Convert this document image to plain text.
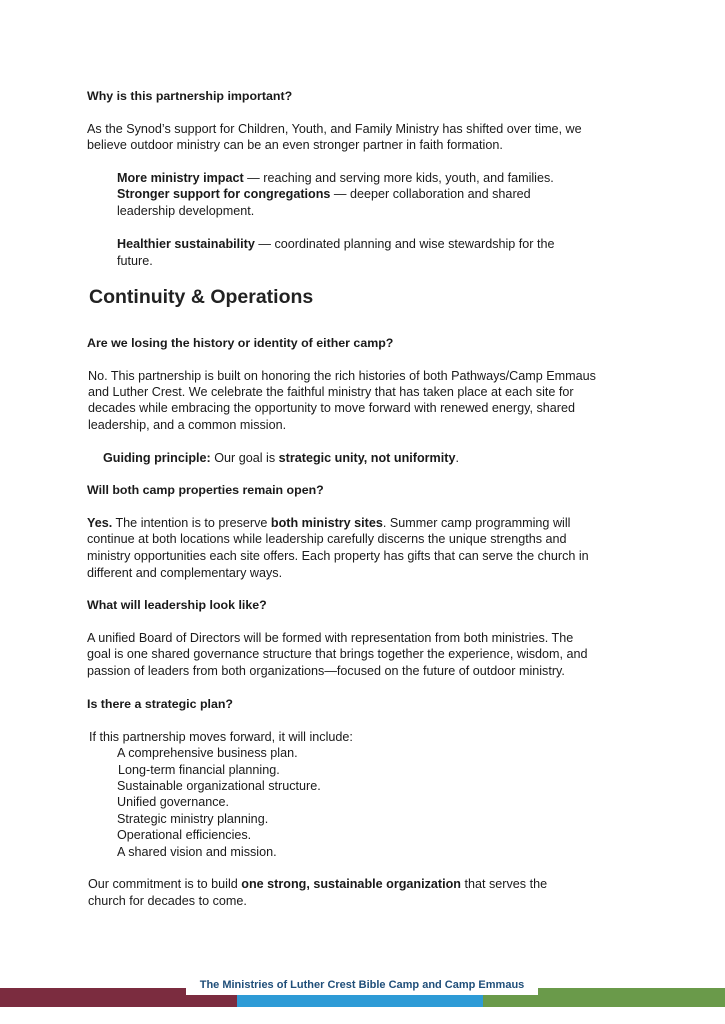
Why is this partnership important?
As the Synod’s support for Children, Youth, and Family Ministry has shifted over time, we
believe outdoor ministry can be an even stronger partner in faith formation.
More ministry impact — reaching and serving more kids, youth, and families.
Stronger support for congregations — deeper collaboration and shared
leadership development.
Healthier sustainability — coordinated planning and wise stewardship for the
future.
Continuity & Operations
Are we losing the history or identity of either camp?
No. This partnership is built on honoring the rich histories of both Pathways/Camp Emmaus
and Luther Crest. We celebrate the faithful ministry that has taken place at each site for
decades while embracing the opportunity to move forward with renewed energy, shared
leadership, and a common mission.
Guiding principle: Our goal is strategic unity, not uniformity.
Will both camp properties remain open?
Yes. The intention is to preserve both ministry sites. Summer camp programming will
continue at both locations while leadership carefully discerns the unique strengths and
ministry opportunities each site offers. Each property has gifts that can serve the church in
different and complementary ways.
What will leadership look like?
A unified Board of Directors will be formed with representation from both ministries. The
goal is one shared governance structure that brings together the experience, wisdom, and
passion of leaders from both organizations—focused on the future of outdoor ministry.
Is there a strategic plan?
If this partnership moves forward, it will include:
A comprehensive business plan.
Long-term financial planning.
Sustainable organizational structure.
Unified governance.
Strategic ministry planning.
Operational efficiencies.
A shared vision and mission.
Our commitment is to build one strong, sustainable organization that serves the
church for decades to come.
The Ministries of Luther Crest Bible Camp and Camp Emmaus
